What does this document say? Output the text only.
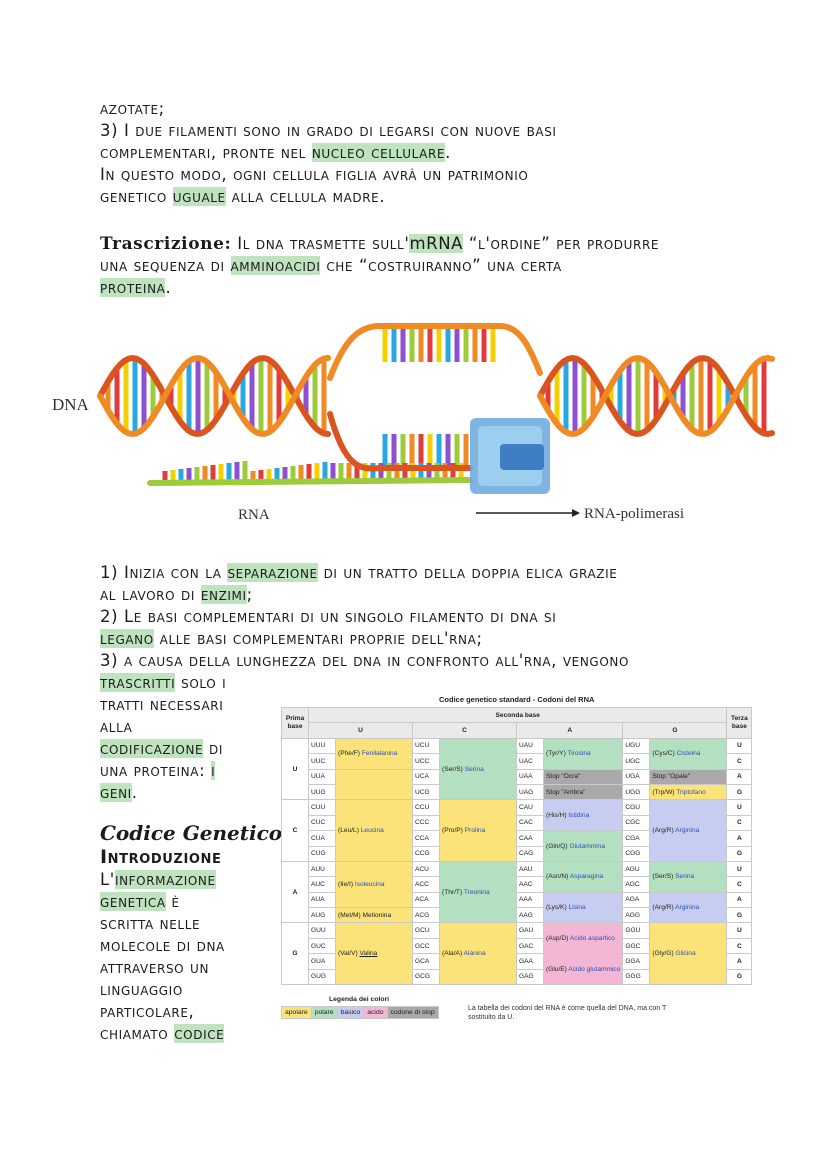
azotate;

3) I due filamenti sono in grado di legarsi con nuove basi

complementari, pronte nel nucleo cellulare.

In questo modo, ogni cellula figlia avrà un patrimonio

genetico uguale alla cellula madre.

Trascrizione: Il dna trasmette sull'mRNA “l'ordine” per produrre

una sequenza di amminoacidi che “costruiranno” una certa

proteina.

DNA
RNA	RNA-polimerasi

1) Inizia con la separazione di un tratto della doppia elica grazie

al lavoro di enzimi;

2) Le basi complementari di un singolo filamento di dna si

legano alle basi complementari proprie dell'rna;

3) a causa della lunghezza del dna in confronto all'rna, vengono

trascritti solo i

tratti necessari

alla

codificazione di

una proteina: i

geni.

Codice Genetico

Introduzione

L'informazione

genetica è

scritta nelle

molecole di dna

attraverso un

linguaggio

particolare,

chiamato codice

Codice genetico standard - Codoni del RNA
Prima base	Seconda base								Terza base
	U		C		A		G		
U	UUU	(Phe/F) Fenilalanina	UCU	(Ser/S) Serina	UAU	(Tyr/Y) Tirosina	UGU	(Cys/C) Cisteina	U
	UUC		UCC		UAC		UGC		C
	UUA		UCA		UAA	Stop "Ocra"	UGA	Stop "Opale"	A
	UUG		UCG		UAG	Stop "Ambra"	UGG	(Trp/W) Triptofano	G
C	CUU	(Leu/L) Leucina	CCU	(Pro/P) Prolina	CAU	(His/H) Istidina	CGU	(Arg/R) Arginina	U
	CUC		CCC		CAC		CGC		C
	CUA		CCA		CAA	(Gln/Q) Glutammina	CGA		A
	CUG		CCG		CAG		CGG		G
A	AUU	(Ile/I) Isoleucina	ACU	(Thr/T) Treonina	AAU	(Asn/N) Asparagina	AGU	(Ser/S) Serina	U
	AUC		ACC		AAC		AGC		C
	AUA		ACA		AAA	(Lys/K) Lisina	AGA	(Arg/R) Arginina	A
	AUG	(Met/M) Metionina	ACG		AAG		AGG		G
G	GUU	(Val/V) Valina	GCU	(Ala/A) Alanina	GAU	(Asp/D) Acido aspartico	GGU	(Gly/G) Glicina	U
	GUC		GCC		GAC		GGC		C
	GUA		GCA		GAA	(Glu/E) Acido glutammico	GGA		A
	GUG		GCG		GAG		GGG		G
Legenda dei colori
apolare polare basico acido codone di stop
La tabella dei codoni del RNA è come quella del DNA, ma con T sostituito da U.
